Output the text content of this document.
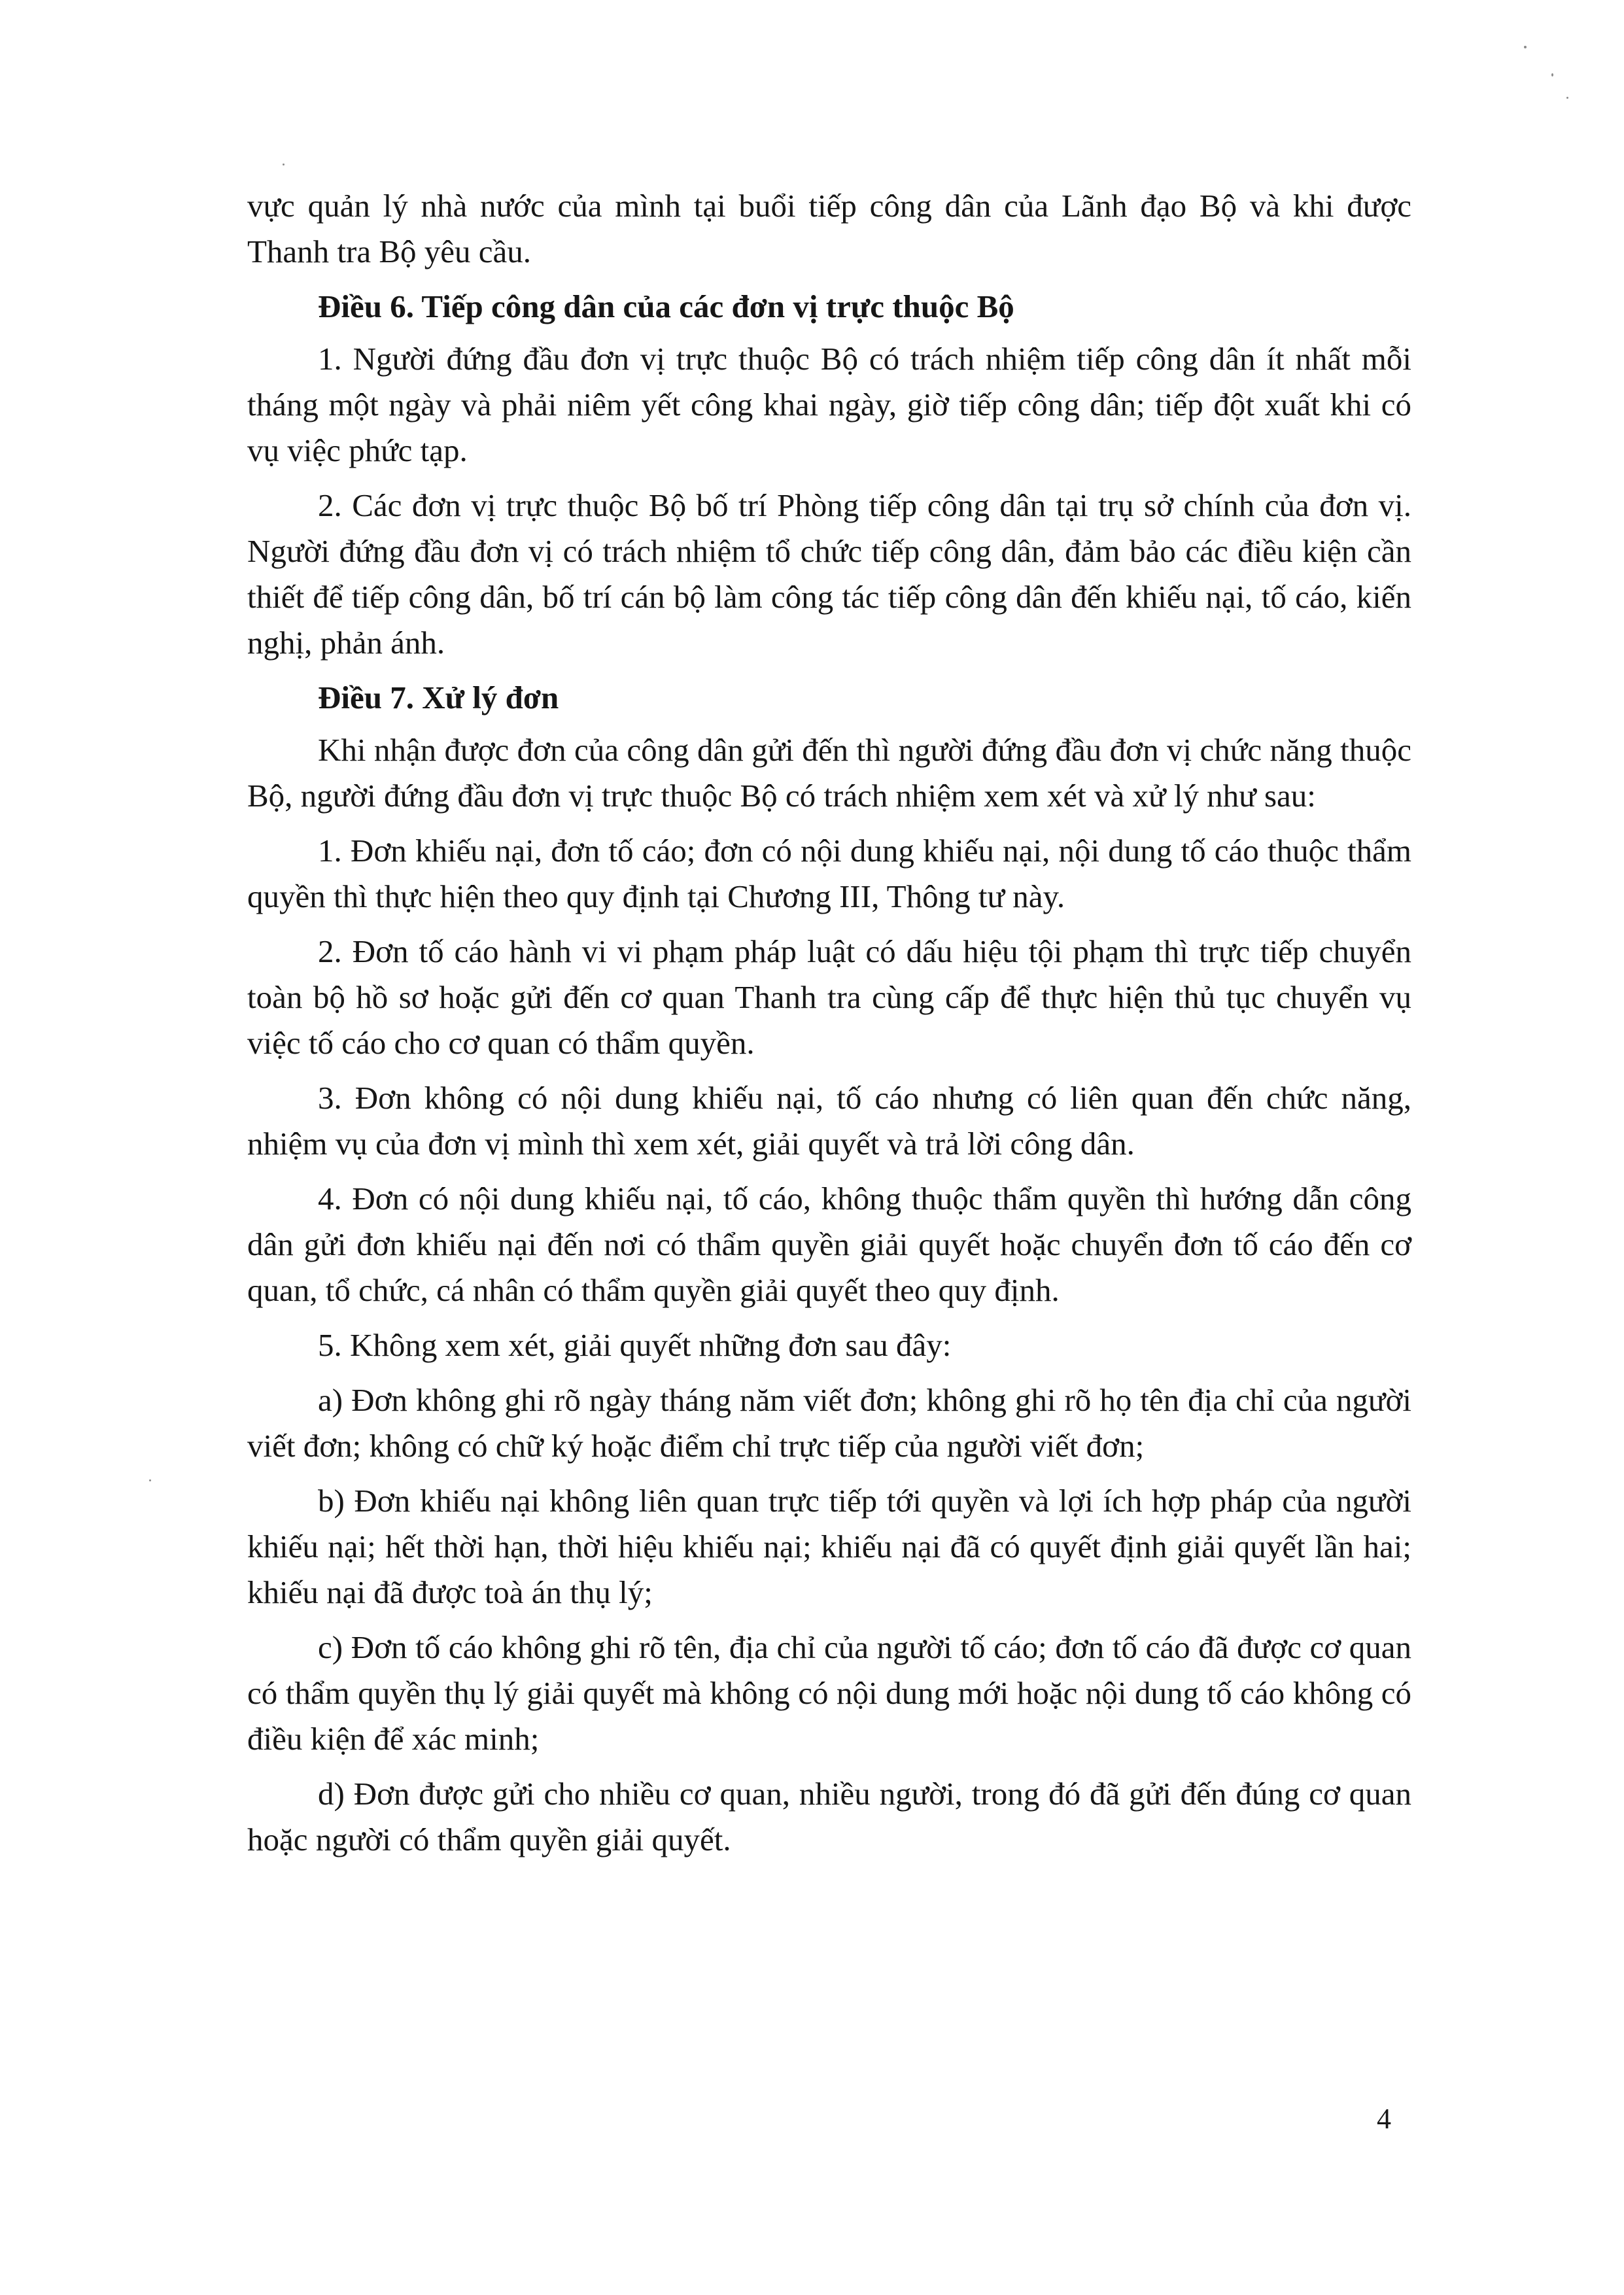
vực quản lý nhà nước của mình tại buổi tiếp công dân của Lãnh đạo Bộ và khi được Thanh tra Bộ yêu cầu.

Điều 6. Tiếp công dân của các đơn vị trực thuộc Bộ

1. Người đứng đầu đơn vị trực thuộc Bộ có trách nhiệm tiếp công dân ít nhất mỗi tháng một ngày và phải niêm yết công khai ngày, giờ tiếp công dân; tiếp đột xuất khi có vụ việc phức tạp.

2. Các đơn vị trực thuộc Bộ bố trí Phòng tiếp công dân tại trụ sở chính của đơn vị. Người đứng đầu đơn vị có trách nhiệm tổ chức tiếp công dân, đảm bảo các điều kiện cần thiết để tiếp công dân, bố trí cán bộ làm công tác tiếp công dân đến khiếu nại, tố cáo, kiến nghị, phản ánh.

Điều 7. Xử lý đơn

Khi nhận được đơn của công dân gửi đến thì người đứng đầu đơn vị chức năng thuộc Bộ, người đứng đầu đơn vị trực thuộc Bộ có trách nhiệm xem xét và xử lý như sau:

1. Đơn khiếu nại, đơn tố cáo; đơn có nội dung khiếu nại, nội dung tố cáo thuộc thẩm quyền thì thực hiện theo quy định tại Chương III, Thông tư này.

2. Đơn tố cáo hành vi vi phạm pháp luật có dấu hiệu tội phạm thì trực tiếp chuyển toàn bộ hồ sơ hoặc gửi đến cơ quan Thanh tra cùng cấp để thực hiện thủ tục chuyển vụ việc tố cáo cho cơ quan có thẩm quyền.

3. Đơn không có nội dung khiếu nại, tố cáo nhưng có liên quan đến chức năng, nhiệm vụ của đơn vị mình thì xem xét, giải quyết và trả lời công dân.

4. Đơn có nội dung khiếu nại, tố cáo, không thuộc thẩm quyền thì hướng dẫn công dân gửi đơn khiếu nại đến nơi có thẩm quyền giải quyết hoặc chuyển đơn tố cáo đến cơ quan, tổ chức, cá nhân có thẩm quyền giải quyết theo quy định.

5. Không xem xét, giải quyết những đơn sau đây:

a) Đơn không ghi rõ ngày tháng năm viết đơn; không ghi rõ họ tên địa chỉ của người viết đơn; không có chữ ký hoặc điểm chỉ trực tiếp của người viết đơn;

b) Đơn khiếu nại không liên quan trực tiếp tới quyền và lợi ích hợp pháp của người khiếu nại; hết thời hạn, thời hiệu khiếu nại; khiếu nại đã có quyết định giải quyết lần hai; khiếu nại đã được toà án thụ lý;

c) Đơn tố cáo không ghi rõ tên, địa chỉ của người tố cáo; đơn tố cáo đã được cơ quan có thẩm quyền thụ lý giải quyết mà không có nội dung mới hoặc nội dung tố cáo không có điều kiện để xác minh;

d) Đơn được gửi cho nhiều cơ quan, nhiều người, trong đó đã gửi đến đúng cơ quan hoặc người có thẩm quyền giải quyết.

4
